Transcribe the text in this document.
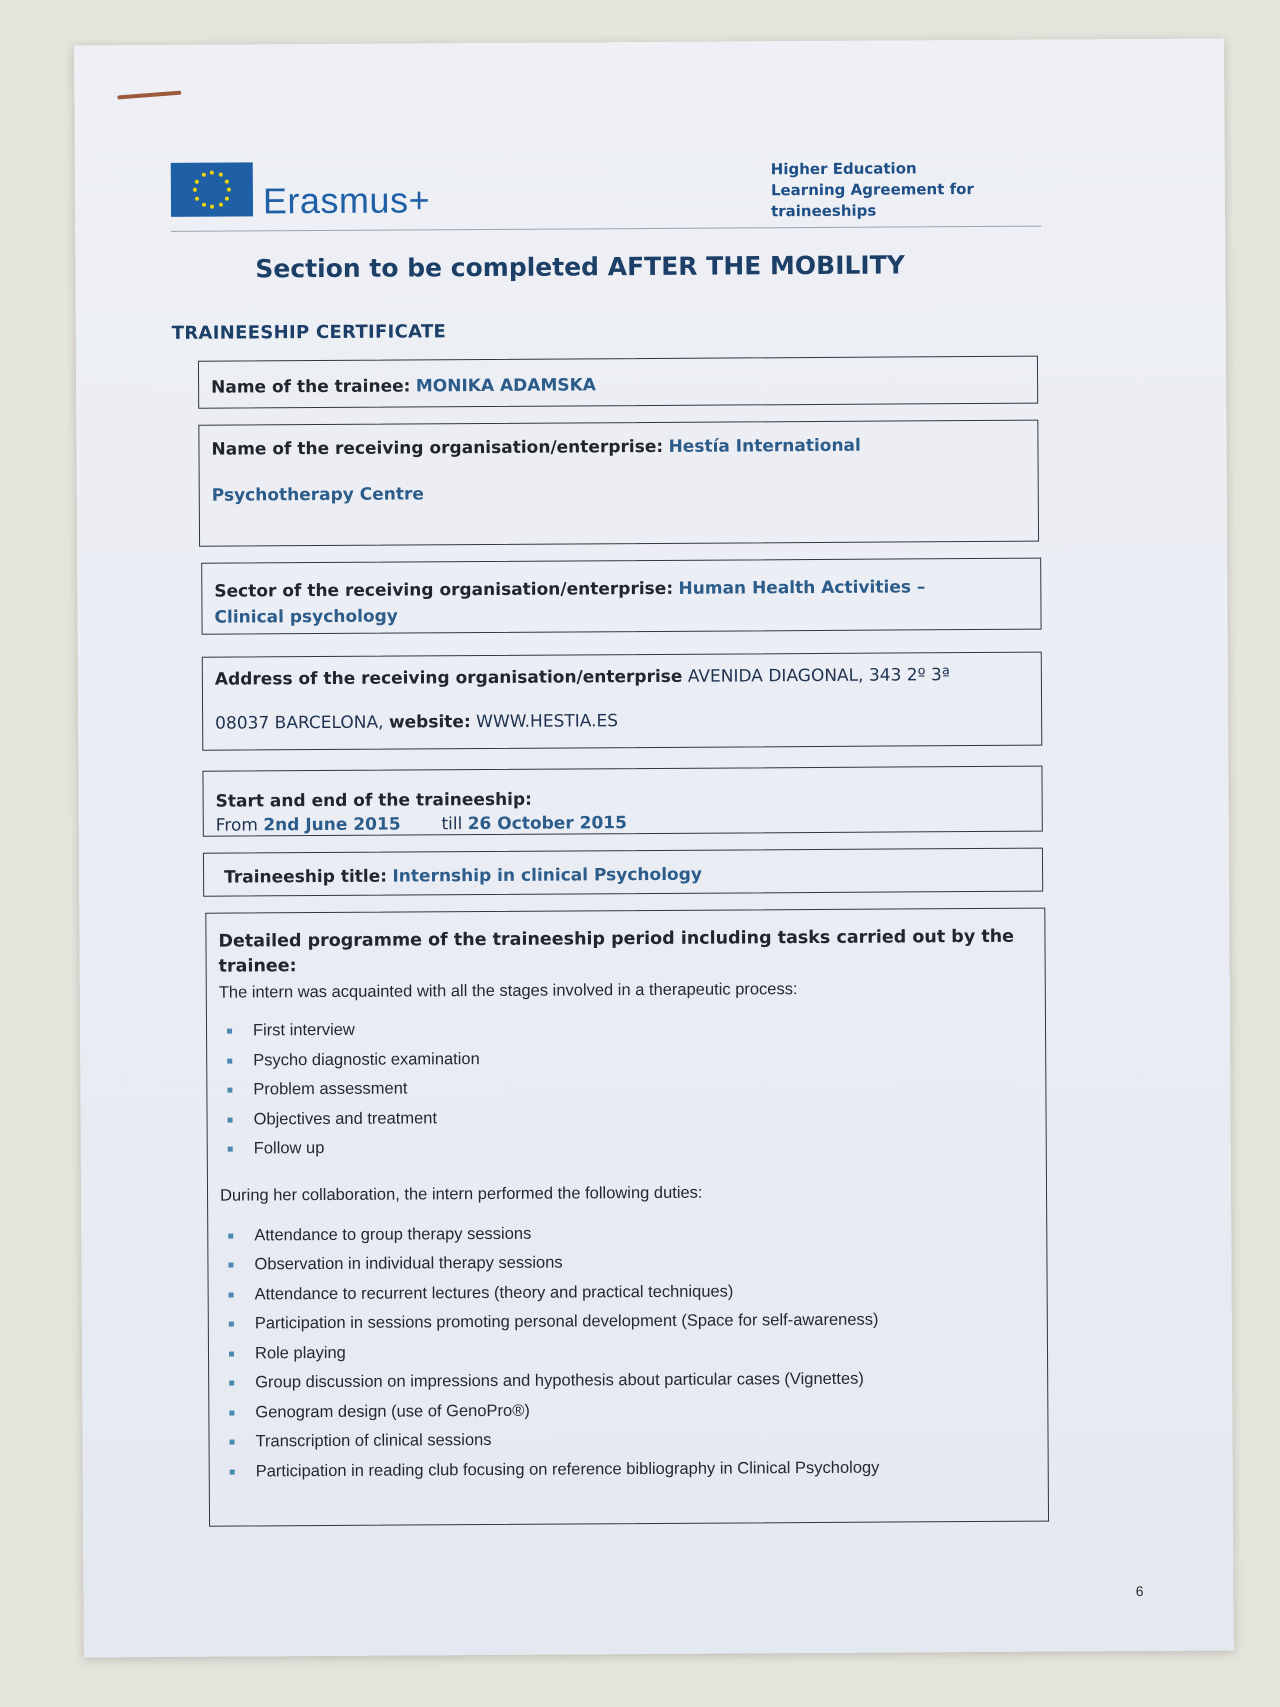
Erasmus+
Higher Education
Learning Agreement for
traineeships
Section to be completed AFTER THE MOBILITY
TRAINEESHIP CERTIFICATE
Name of the trainee: MONIKA ADAMSKA
Name of the receiving organisation/enterprise: Hestía International
Psychotherapy Centre
Sector of the receiving organisation/enterprise: Human Health Activities –
Clinical psychology
Address of the receiving organisation/enterprise AVENIDA DIAGONAL, 343 2º 3ª
08037 BARCELONA, website: WWW.HESTIA.ES
Start and end of the traineeship:
From 2nd June 2015 till 26 October 2015
Traineeship title: Internship in clinical Psychology
Detailed programme of the traineeship period including tasks carried out by the trainee:
The intern was acquainted with all the stages involved in a therapeutic process:
First interview
Psycho diagnostic examination
Problem assessment
Objectives and treatment
Follow up
During her collaboration, the intern performed the following duties:
Attendance to group therapy sessions
Observation in individual therapy sessions
Attendance to recurrent lectures (theory and practical techniques)
Participation in sessions promoting personal development (Space for self-awareness)
Role playing
Group discussion on impressions and hypothesis about particular cases (Vignettes)
Genogram design (use of GenoPro®)
Transcription of clinical sessions
Participation in reading club focusing on reference bibliography in Clinical Psychology
6
